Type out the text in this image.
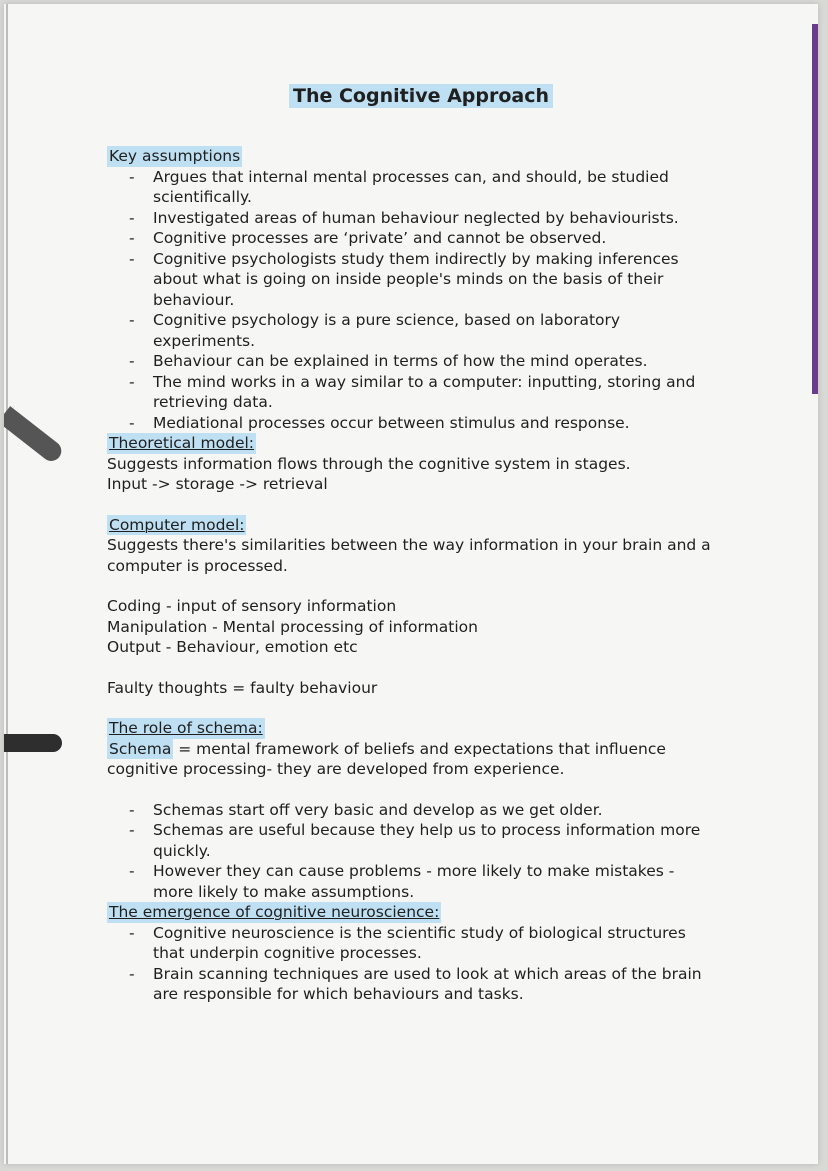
The Cognitive Approach

Key assumptions

- Argues that internal mental processes can, and should, be studied scientifically.
- Investigated areas of human behaviour neglected by behaviourists.
- Cognitive processes are ‘private’ and cannot be observed.
- Cognitive psychologists study them indirectly by making inferences about what is going on inside people's minds on the basis of their behaviour.
- Cognitive psychology is a pure science, based on laboratory experiments.
- Behaviour can be explained in terms of how the mind operates.
- The mind works in a way similar to a computer: inputting, storing and retrieving data.
- Mediational processes occur between stimulus and response.

Theoretical model:

Suggests information flows through the cognitive system in stages.

Input -> storage -> retrieval

Computer model:

Suggests there's similarities between the way information in your brain and a computer is processed.

Coding - input of sensory information

Manipulation - Mental processing of information

Output - Behaviour, emotion etc

Faulty thoughts = faulty behaviour

The role of schema:

Schema = mental framework of beliefs and expectations that influence cognitive processing- they are developed from experience.

- Schemas start off very basic and develop as we get older.
- Schemas are useful because they help us to process information more quickly.
- However they can cause problems - more likely to make mistakes - more likely to make assumptions.

The emergence of cognitive neuroscience:

- Cognitive neuroscience is the scientific study of biological structures that underpin cognitive processes.
- Brain scanning techniques are used to look at which areas of the brain are responsible for which behaviours and tasks.
